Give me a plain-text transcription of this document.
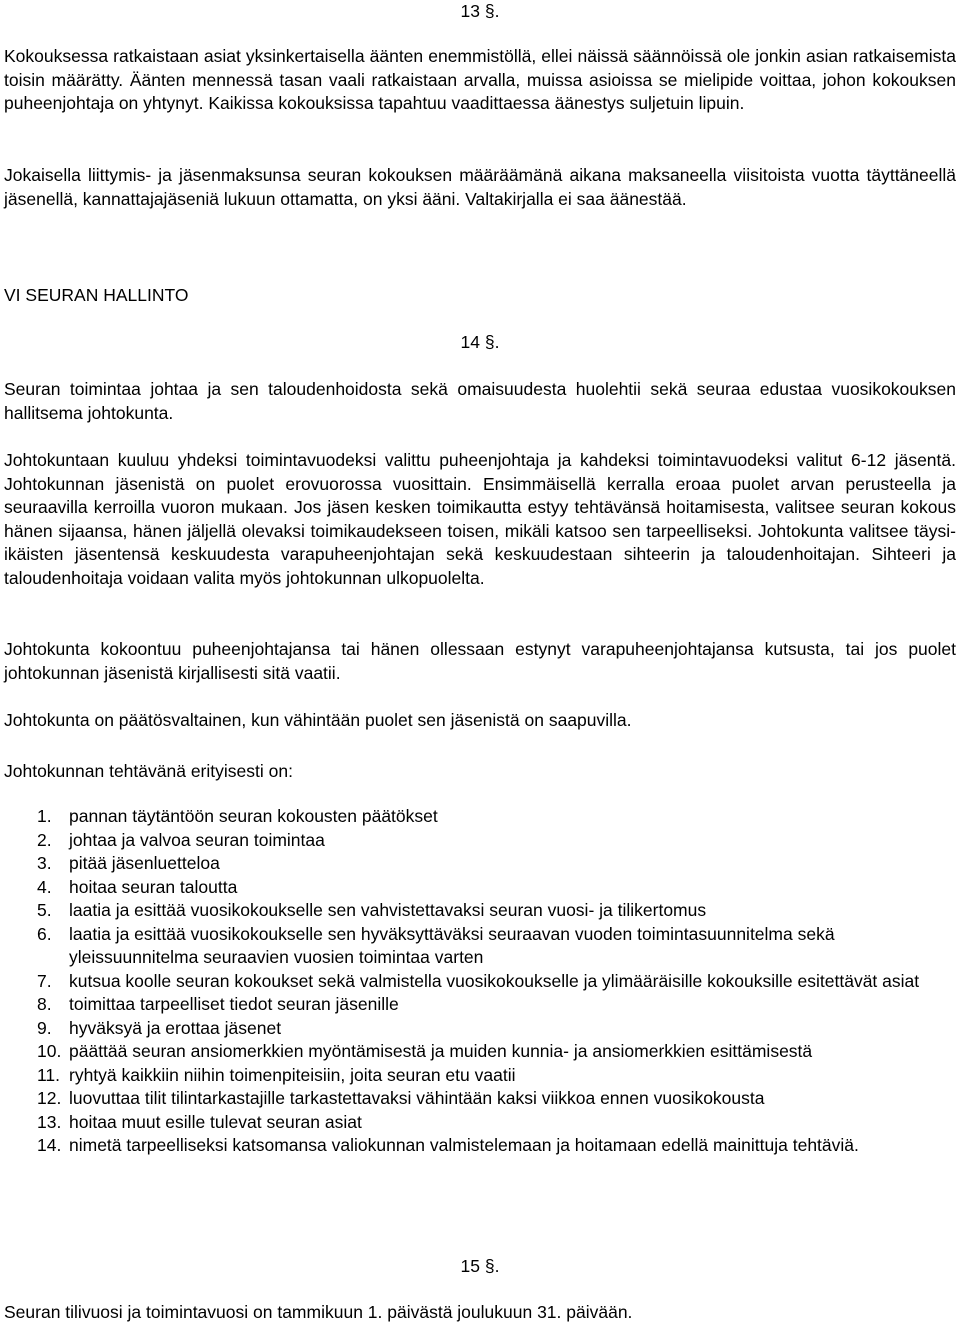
13 §.

Kokouksessa ratkaistaan asiat yksinkertaisella äänten enemmistöllä, ellei näissä säännöissä ole jonkin asian ratkaisemista toisin määrätty. Äänten mennessä tasan vaali ratkaistaan arvalla, muissa asioissa se mielipide voittaa, johon kokouksen puheenjohtaja on yhtynyt. Kaikissa kokouksissa tapahtuu vaadittaessa äänestys suljetuin lipuin.

Jokaisella liittymis- ja jäsenmaksunsa seuran kokouksen määräämänä aikana maksaneella viisitoista vuotta täyttäneellä jäsenellä, kannattajajäseniä lukuun ottamatta, on yksi ääni. Valtakirjalla ei saa äänestää.

VI SEURAN HALLINTO
14 §.

Seuran toimintaa johtaa ja sen taloudenhoidosta sekä omaisuudesta huolehtii sekä seuraa edustaa vuosikokouksen hallitsema johtokunta.

Johtokuntaan kuuluu yhdeksi toimintavuodeksi valittu puheenjohtaja ja kahdeksi toimintavuodeksi valitut 6-12 jäsentä. Johtokunnan jäsenistä on puolet erovuorossa vuosittain. Ensimmäisellä kerralla eroaa puolet arvan perusteella ja seuraavilla kerroilla vuoron mukaan. Jos jäsen kesken toimikautta estyy tehtävänsä hoitamisesta, valitsee seuran kokous hänen sijaansa, hänen jäljellä olevaksi toimikaudekseen toisen, mikäli katsoo sen tarpeelliseksi. Johtokunta valitsee täysi-ikäisten jäsentensä keskuudesta varapuheenjohtajan sekä keskuudestaan sihteerin ja taloudenhoitajan. Sihteeri ja taloudenhoitaja voidaan valita myös johtokunnan ulkopuolelta.

Johtokunta kokoontuu puheenjohtajansa tai hänen ollessaan estynyt varapuheenjohtajansa kutsusta, tai jos puolet johtokunnan jäsenistä kirjallisesti sitä vaatii.

Johtokunta on päätösvaltainen, kun vähintään puolet sen jäsenistä on saapuvilla.

Johtokunnan tehtävänä erityisesti on:

1. pannan täytäntöön seuran kokousten päätökset
2. johtaa ja valvoa seuran toimintaa
3. pitää jäsenluetteloa
4. hoitaa seuran taloutta
5. laatia ja esittää vuosikokoukselle sen vahvistettavaksi seuran vuosi- ja tilikertomus
6. laatia ja esittää vuosikokoukselle sen hyväksyttäväksi seuraavan vuoden toimintasuunnitelma sekä yleissuunnitelma seuraavien vuosien toimintaa varten
7. kutsua koolle seuran kokoukset sekä valmistella vuosikokoukselle ja ylimääräisille kokouksille esitettävät asiat
8. toimittaa tarpeelliset tiedot seuran jäsenille
9. hyväksyä ja erottaa jäsenet
10. päättää seuran ansiomerkkien myöntämisestä ja muiden kunnia- ja ansiomerkkien esittämisestä
11. ryhtyä kaikkiin niihin toimenpiteisiin, joita seuran etu vaatii
12. luovuttaa tilit tilintarkastajille tarkastettavaksi vähintään kaksi viikkoa ennen vuosikokousta
13. hoitaa muut esille tulevat seuran asiat
14. nimetä tarpeelliseksi katsomansa valiokunnan valmistelemaan ja hoitamaan edellä mainittuja tehtäviä.
15 §.

Seuran tilivuosi ja toimintavuosi on tammikuun 1. päivästä joulukuun 31. päivään.
